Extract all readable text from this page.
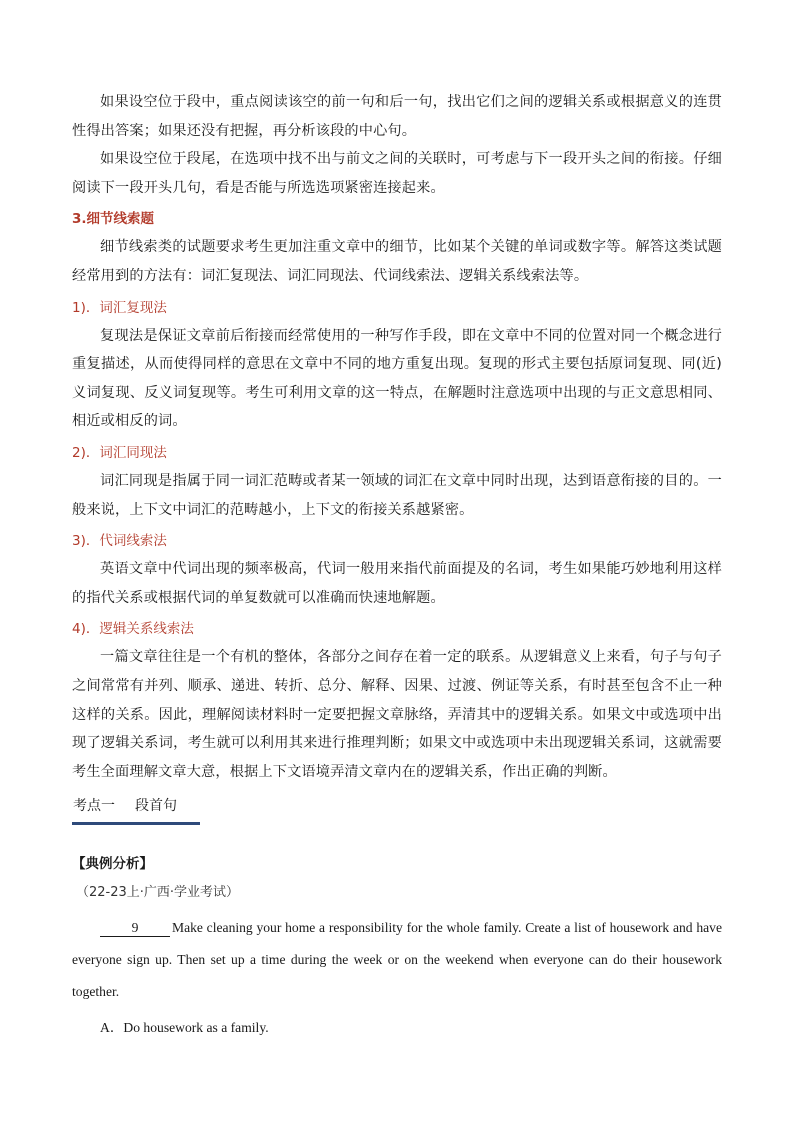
如果设空位于段中，重点阅读该空的前一句和后一句，找出它们之间的逻辑关系或根据意义的连贯性得出答案；如果还没有把握，再分析该段的中心句。

如果设空位于段尾，在选项中找不出与前文之间的关联时，可考虑与下一段开头之间的衔接。仔细阅读下一段开头几句，看是否能与所选选项紧密连接起来。

3.细节线索题

细节线索类的试题要求考生更加注重文章中的细节，比如某个关键的单词或数字等。解答这类试题经常用到的方法有：词汇复现法、词汇同现法、代词线索法、逻辑关系线索法等。

1)．词汇复现法

复现法是保证文章前后衔接而经常使用的一种写作手段，即在文章中不同的位置对同一个概念进行重复描述，从而使得同样的意思在文章中不同的地方重复出现。复现的形式主要包括原词复现、同(近)义词复现、反义词复现等。考生可利用文章的这一特点，在解题时注意选项中出现的与正文意思相同、相近或相反的词。

2)．词汇同现法

词汇同现是指属于同一词汇范畴或者某一领域的词汇在文章中同时出现，达到语意衔接的目的。一般来说，上下文中词汇的范畴越小，上下文的衔接关系越紧密。

3)．代词线索法

英语文章中代词出现的频率极高，代词一般用来指代前面提及的名词，考生如果能巧妙地利用这样的指代关系或根据代词的单复数就可以准确而快速地解题。

4)．逻辑关系线索法

一篇文章往往是一个有机的整体，各部分之间存在着一定的联系。从逻辑意义上来看，句子与句子之间常常有并列、顺承、递进、转折、总分、解释、因果、过渡、例证等关系，有时甚至包含不止一种这样的关系。因此，理解阅读材料时一定要把握文章脉络，弄清其中的逻辑关系。如果文中或选项中出现了逻辑关系词，考生就可以利用其来进行推理判断；如果文中或选项中未出现逻辑关系词，这就需要考生全面理解文章大意，根据上下文语境弄清文章内在的逻辑关系，作出正确的判断。

考点一 段首句

【典例分析】

（22-23上·广西·学业考试）

9 Make cleaning your home a responsibility for the whole family. Create a list of housework and have everyone sign up. Then set up a time during the week or on the weekend when everyone can do their housework together.

A．Do housework as a family.
